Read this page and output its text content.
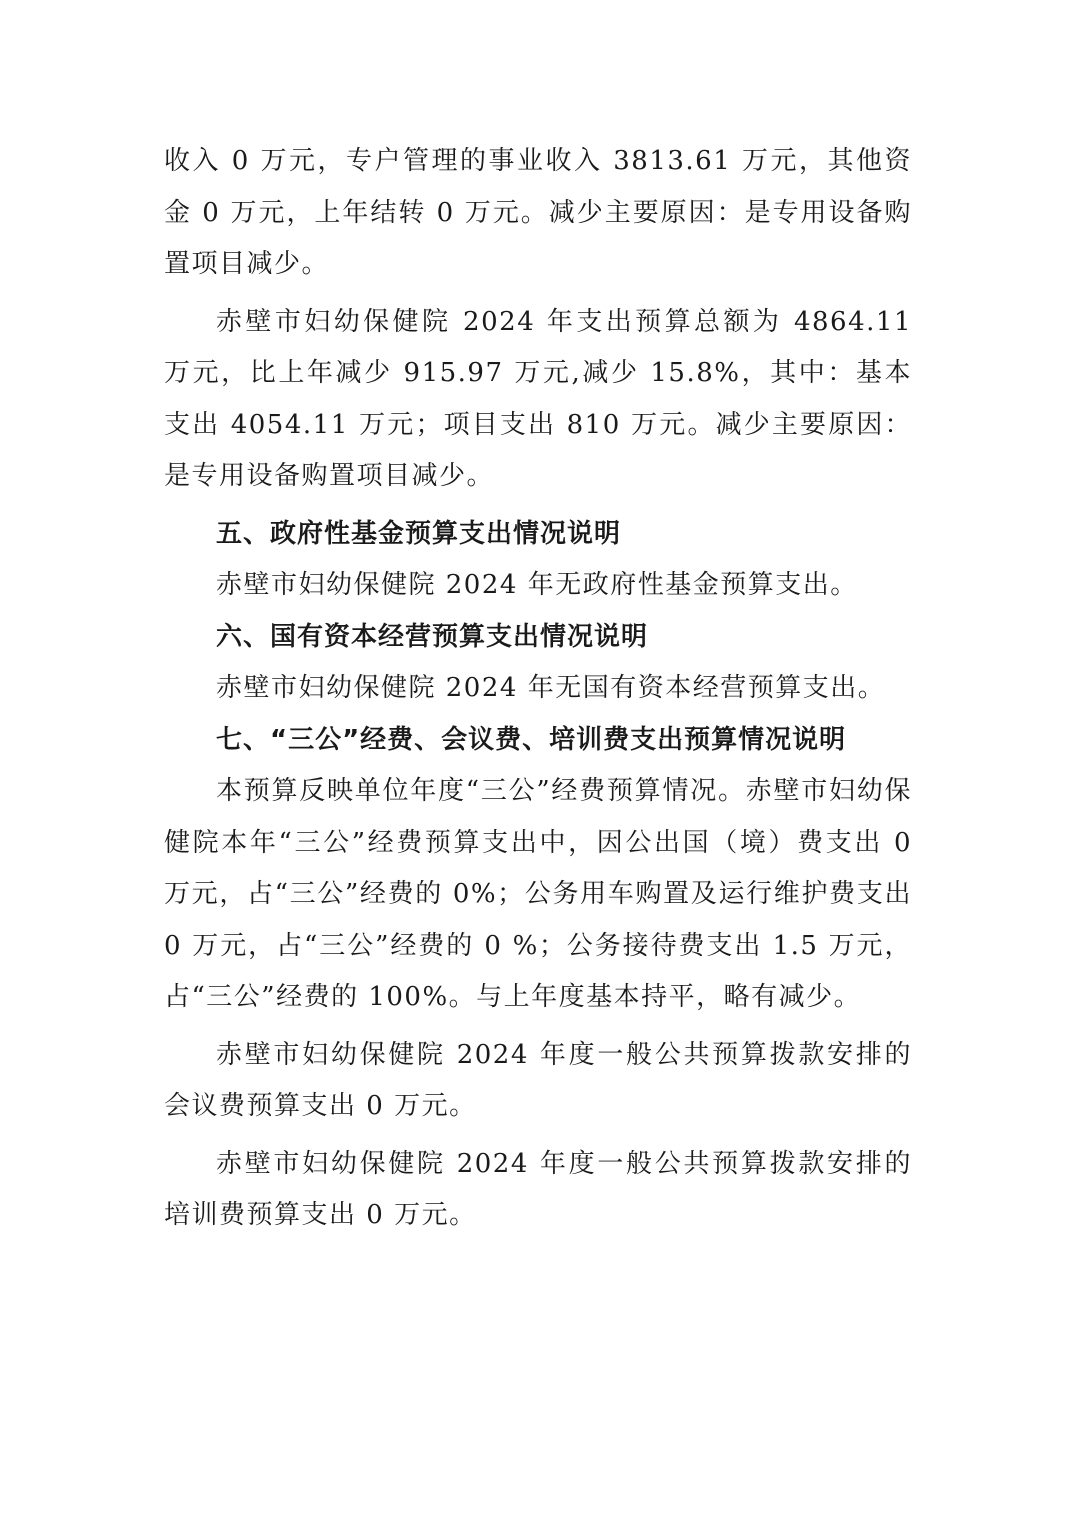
收入 0 万元，专户管理的事业收入 3813.61 万元，其他资金 0 万元，上年结转 0 万元。减少主要原因：是专用设备购置项目减少。

赤壁市妇幼保健院 2024 年支出预算总额为 4864.11 万元，比上年减少 915.97 万元,减少 15.8%，其中：基本支出 4054.11 万元；项目支出 810 万元。减少主要原因：是专用设备购置项目减少。

五、政府性基金预算支出情况说明

赤壁市妇幼保健院 2024 年无政府性基金预算支出。

六、国有资本经营预算支出情况说明

赤壁市妇幼保健院 2024 年无国有资本经营预算支出。

七、“三公”经费、会议费、培训费支出预算情况说明

本预算反映单位年度“三公”经费预算情况。赤壁市妇幼保健院本年“三公”经费预算支出中，因公出国（境）费支出 0 万元，占“三公”经费的 0%；公务用车购置及运行维护费支出 0 万元，占“三公”经费的 0 %；公务接待费支出 1.5 万元，占“三公”经费的 100%。与上年度基本持平，略有减少。

赤壁市妇幼保健院 2024 年度一般公共预算拨款安排的会议费预算支出 0 万元。

赤壁市妇幼保健院 2024 年度一般公共预算拨款安排的培训费预算支出 0 万元。
